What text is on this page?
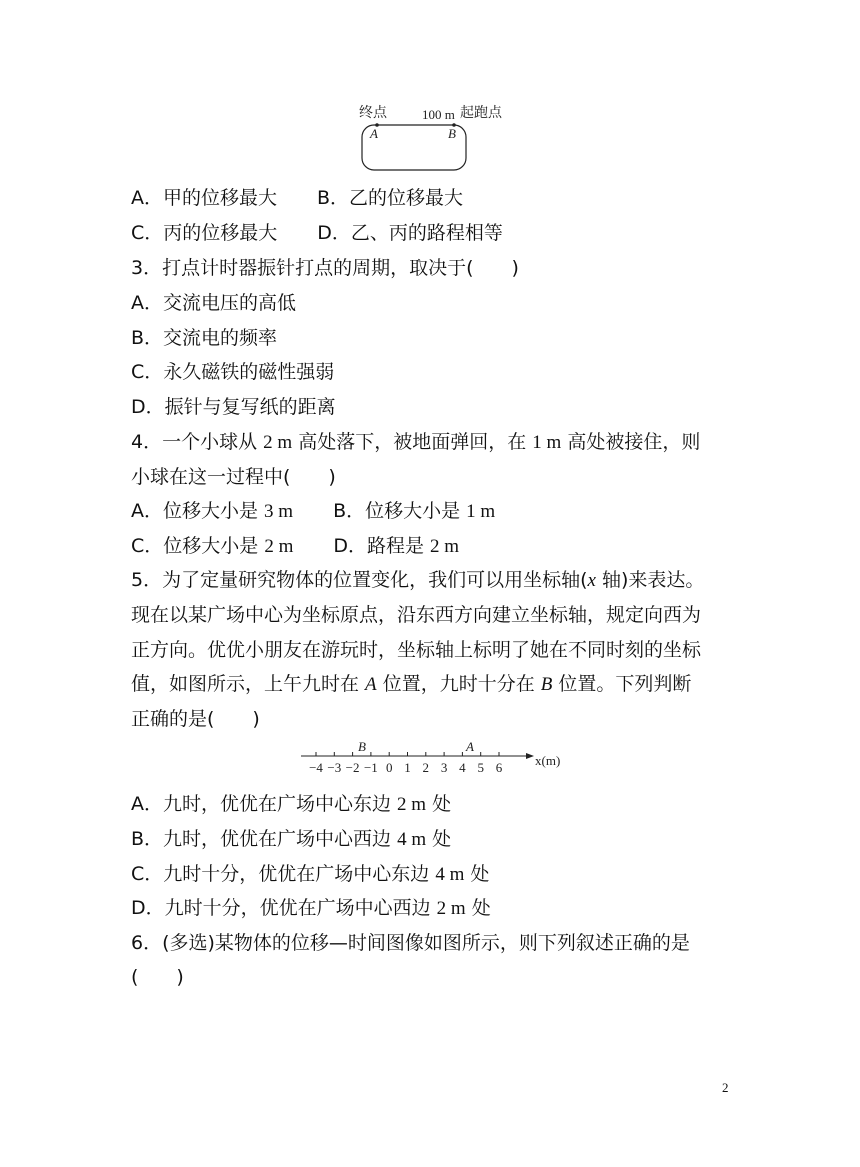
终点	100 m 起跑点
A	B
A．甲的位移最大 B．乙的位移最大
C．丙的位移最大 D．乙、丙的路程相等
3．打点计时器振针打点的周期，取决于(　　)
A．交流电压的高低
B．交流电的频率
C．永久磁铁的磁性强弱
D．振针与复写纸的距离
4．一个小球从 2 m 高处落下，被地面弹回，在 1 m 高处被接住，则
小球在这一过程中(　　)
A．位移大小是 3 m B．位移大小是 1 m
C．位移大小是 2 m D．路程是 2 m
5．为了定量研究物体的位置变化，我们可以用坐标轴(x 轴)来表达。
现在以某广场中心为坐标原点，沿东西方向建立坐标轴，规定向西为
正方向。优优小朋友在游玩时，坐标轴上标明了她在不同时刻的坐标
值，如图所示，上午九时在 A 位置，九时十分在 B 位置。下列判断
正确的是(　　)
−4 −3 −2 −1 0 1 2 3 4 5 6	x(m)
B	A
A．九时，优优在广场中心东边 2 m 处
B．九时，优优在广场中心西边 4 m 处
C．九时十分，优优在广场中心东边 4 m 处
D．九时十分，优优在广场中心西边 2 m 处
6．(多选)某物体的位移—时间图像如图所示，则下列叙述正确的是
(　　)
2
